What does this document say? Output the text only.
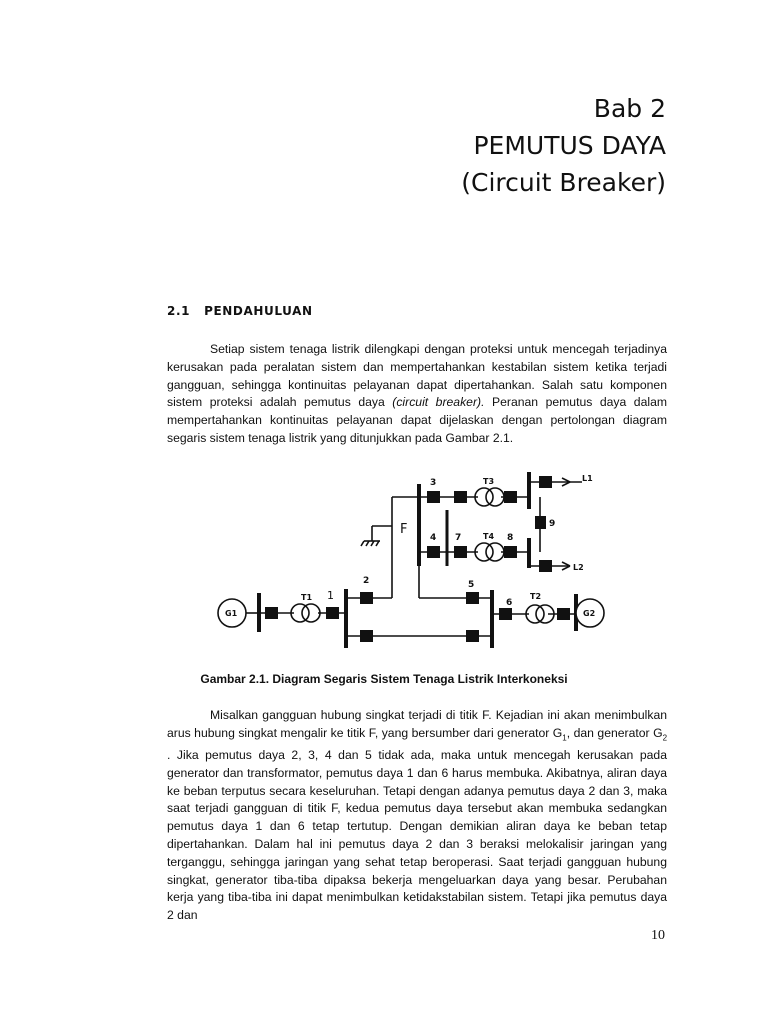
Bab 2
PEMUTUS DAYA
(Circuit Breaker)
2.1 PENDAHULUAN

Setiap sistem tenaga listrik dilengkapi dengan proteksi untuk mencegah terjadinya kerusakan pada peralatan sistem dan mempertahankan kestabilan sistem ketika terjadi gangguan, sehingga kontinuitas pelayanan dapat dipertahankan. Salah satu komponen sistem proteksi adalah pemutus daya (circuit breaker). Peranan pemutus daya dalam mempertahankan kontinuitas pelayanan dapat dijelaskan dengan pertolongan diagram segaris sistem tenaga listrik yang ditunjukkan pada Gambar 2.1.

G1	G2
T1	T2
T3
T4
1
2
3
4
5
6
7	8
9
F
L1
L2
Gambar 2.1. Diagram Segaris Sistem Tenaga Listrik Interkoneksi

Misalkan gangguan hubung singkat terjadi di titik F. Kejadian ini akan menimbulkan arus hubung singkat mengalir ke titik F, yang bersumber dari generator $G_1$, dan generator $G_2$ . Jika pemutus daya 2, 3, 4 dan 5 tidak ada, maka untuk mencegah kerusakan pada generator dan transformator, pemutus daya 1 dan 6 harus membuka. Akibatnya, aliran daya ke beban terputus secara keseluruhan. Tetapi dengan adanya pemutus daya 2 dan 3, maka saat terjadi gangguan di titik F, kedua pemutus daya tersebut akan membuka sedangkan pemutus daya 1 dan 6 tetap tertutup. Dengan demikian aliran daya ke beban tetap dipertahankan. Dalam hal ini pemutus daya 2 dan 3 beraksi melokalisir jaringan yang terganggu, sehingga jaringan yang sehat tetap beroperasi. Saat terjadi gangguan hubung singkat, generator tiba-tiba dipaksa bekerja mengeluarkan daya yang besar. Perubahan kerja yang tiba-tiba ini dapat menimbulkan ketidakstabilan sistem. Tetapi jika pemutus daya 2 dan

10
